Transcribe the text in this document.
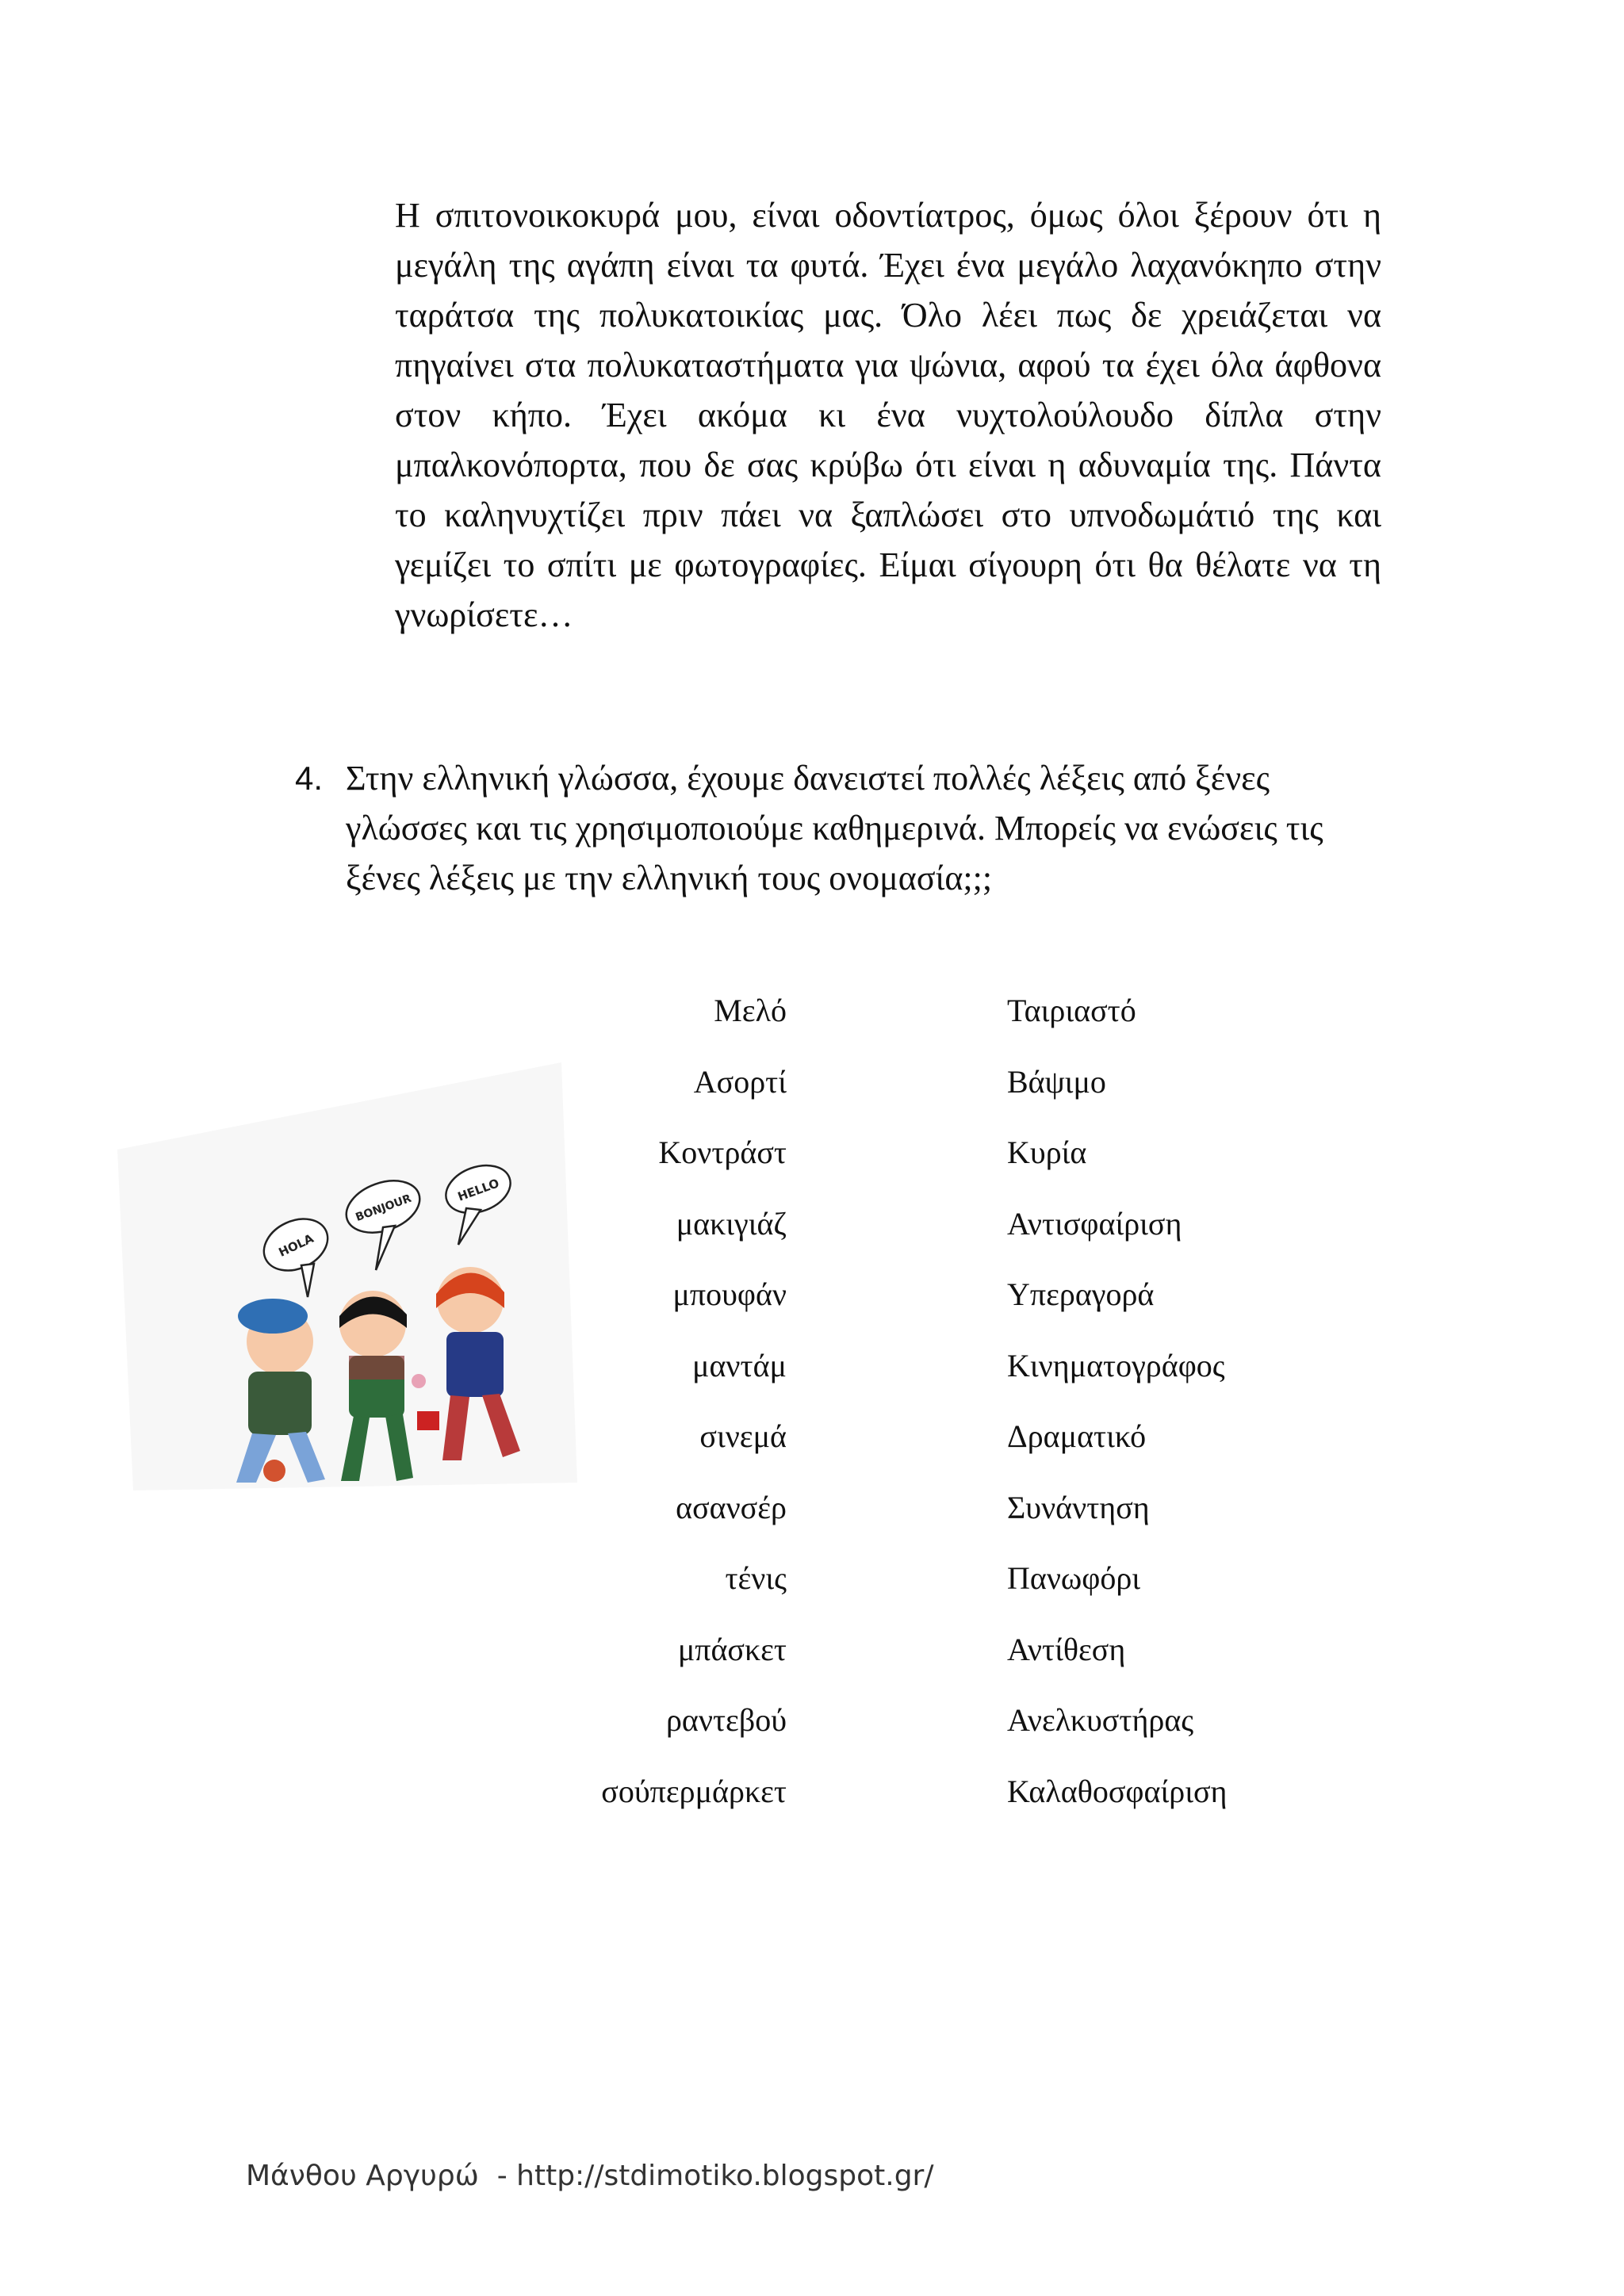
Η σπιτονοικοκυρά μου, είναι οδοντίατρος, όμως όλοι ξέρουν ότι η μεγάλη της αγάπη είναι τα φυτά. Έχει ένα μεγάλο λαχανόκηπο στην ταράτσα της πολυκατοικίας μας. Όλο λέει πως δε χρειάζεται να πηγαίνει στα πολυκαταστήματα για ψώνια, αφού τα έχει όλα άφθονα στον κήπο. Έχει ακόμα κι ένα νυχτολούλουδο δίπλα στην μπαλκονόπορτα, που δε σας κρύβω ότι είναι η αδυναμία της. Πάντα το καληνυχτίζει πριν πάει να ξαπλώσει στο υπνοδωμάτιό της και γεμίζει το σπίτι με φωτογραφίες. Είμαι σίγουρη ότι θα θέλατε να τη γνωρίσετε…
4. Στην ελληνική γλώσσα, έχουμε δανειστεί πολλές λέξεις από ξένες γλώσσες και τις χρησιμοποιούμε καθημερινά. Μπορείς να ενώσεις τις ξένες λέξεις με την ελληνική τους ονομασία;;;
Μελό
Ασορτί
Κοντράστ
μακιγιάζ
μπουφάν
μαντάμ
σινεμά
ασανσέρ
τένις
μπάσκετ
ραντεβού
σούπερμάρκετ
Ταιριαστό
Βάψιμο
Κυρία
Αντισφαίριση
Υπεραγορά
Κινηματογράφος
Δραματικό
Συνάντηση
Πανωφόρι
Αντίθεση
Ανελκυστήρας
Καλαθοσφαίριση
HOLA
BONJOUR
HELLO
Μάνθου Αργυρώ  - http://stdimotiko.blogspot.gr/
